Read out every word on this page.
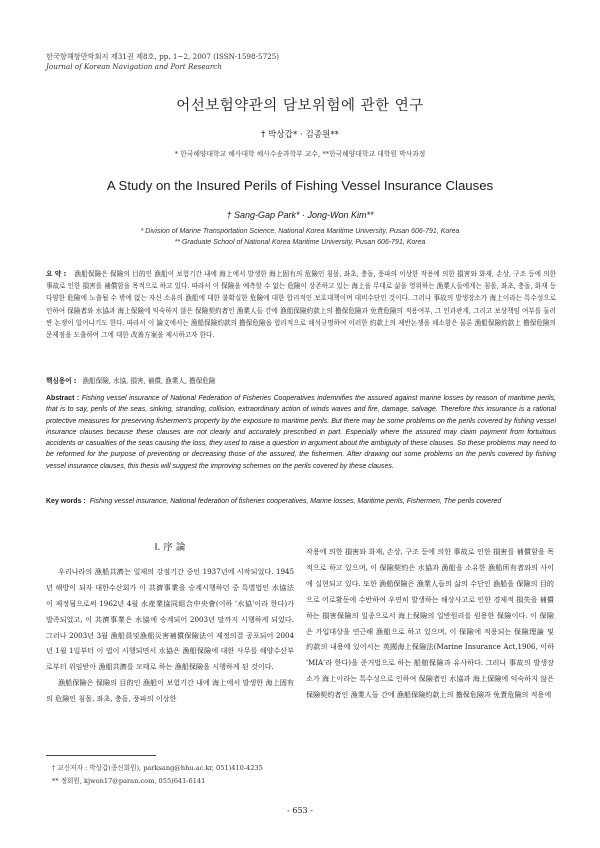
한국항해항만학회지 제31권 제8호, pp. 1~2, 2007 (ISSN-1598-5725)
Journal of Korean Navigation and Port Research
어선보험약관의 담보위험에 관한 연구
† 박상갑* · 김종원**
* 한국해양대학교 해사대학 해사수송과학부 교수, **한국해양대학교 대학원 박사과정
A Study on the Insured Perils of Fishing Vessel Insurance Clauses
† Sang-Gap Park* · Jong-Won Kim**
* Division of Marine Transportation Science, National Korea Maritime University, Pusan 606-791, Korea
** Graduate School of National Korea Maritime University, Pusan 606-791, Korea
요 약 : 漁船保險은 保險의 目的인 漁船이 보험기간 내에 海上에서 발생한 海上固有의 危險인 침몰, 좌초, 충돌, 풍파의 이상한 작용에 의한 損害와 화재, 손상, 구조 등에 의한 事故로 인한 損害를 補償함을 목적으로 하고 있다. 따라서 이 保險을 예측할 수 없는 危險이 상존하고 있는 海上을 무대로 삶을 영위하는 漁業人들에게는 침몰, 좌초, 충돌, 화재 등 다양한 危險에 노출될 수 밖에 없는 자신 소유의 漁船에 대한 불확실한 危險에 대한 합리적인 보호대책이며 대비수단인 것이다. 그러나 事故의 발생장소가 海上이라는 특수성으로 인하여 保險者와 水協과 海上保險에 익숙하지 않은 保險契約者인 漁業人들 간에 漁船保險約款上의 擔保危險과 免責危險의 적용여부, 그 인과관계, 그리고 보상책임 여부를 둘러싼 논쟁이 일어나기도 한다. 따라서 이 論文에서는 漁船保險約款의 擔保危險을 합리적으로 해석규명하여 이러한 約款上의 제반논쟁을 해소함은 물론 漁船保險約款上 擔保危險의 문제점을 도출하여 그에 대한 改善方案을 제시하고자 한다.
핵심용어 : 漁船保險, 水協, 損害, 補償, 漁業人, 擔保危險
Abstract : Fishing vessel insurance of National Federation of Fisheries Cooperatives indemnifies the assured against marine losses by reason of maritime perils, that is to say, perils of the seas, sinking, stranding, collision, extraordinary action of winds waves and fire, damage, salvage. Therefore this insurance is a rational protective measures for preserving fishermen's property by the exposure to maritime perils. But there may be some problems on the perils covered by fishing vessel insurance clauses because these clauses are not clearly and accurately prescribed in part. Especially where the assured may claim payment from fortuitous accidents or casualties of the seas causing the loss, they used to raise a question in argument about the ambiguity of these clauses. So these problems may need to be reformed for the purpose of preventing or decreasing those of the assured, the fishermen. After drawing out some problems on the perils covered by fishing vessel insurance clauses, this thesis will suggest the improving schemes on the perils covered by these clauses.
Key words : Fishing vessel insurance, National federation of fisheries cooperatives, Marine losses, Maritime perils, Fishermen, The perils covered
I. 序 論

우리나라의 漁船共濟는 일제의 강점기간 중인 1937년에 시작되었다. 1945년 해방이 되자 대한수산회가 이 共濟事業을 승계시행하던 중 특별법인 水協法이 제정됨으로써 1962년 4월 水産業協同組合中央會(이하 '水協'이라 한다)가 발족되었고, 이 共濟事業은 水協에 승계되어 2003년 말까지 시행하게 되었다. 그러나 2003년 3월 漁船員및漁船災害補償保險法이 제정의결 공포되어 2004년 1월 1일부터 이 법이 시행되면서 水協은 漁船保險에 대한 사무를 해양수산부로부터 위임받아 漁船共濟를 모태로 하는 漁船保險을 시행하게 된 것이다.

漁船保險은 保險의 目的인 漁船이 보험기간 내에 海上에서 발생한 海上固有의 危險인 침몰, 좌초, 충돌, 풍파의 이상한

작용에 의한 損害와 화재, 손상, 구조 등에 의한 事故로 인한 損害를 補償함을 목적으로 하고 있으며, 이 保險契約은 水協과 漁船을 소유한 漁船所有者와의 사이에 실현되고 있다. 또한 漁船保險은 漁業人들의 삶의 수단인 漁船을 保險의 目的으로 어로활동에 수반하여 우연히 발생하는 해상사고로 인한 경제적 損失을 補償하는 損害保險의 일종으로서 海上保險의 일반원리를 원용한 保險이다. 이 保險은 가입대상을 연근해 漁船으로 하고 있으며, 이 保險에 적용되는 保險理論 및 約款의 내용에 있어서는 英國海上保險法(Marine Insurance Act,1906, 이하 'MIA'라 한다)을 준거법으로 하는 船舶保險과 유사하다. 그러나 事故의 발생장소가 海上이라는 특수성으로 인하여 保險者인 水協과 海上保險에 익숙하지 않은 保險契約者인 漁業人들 간에 漁船保險約款上의 擔保危險과 免責危險의 적용에

† 교신저자 : 박상갑(종신회원), parksang@hhu.ac.kr, 051)410-4235
** 정회원, kjwon17@paran.com, 055)641-6141
- 653 -
